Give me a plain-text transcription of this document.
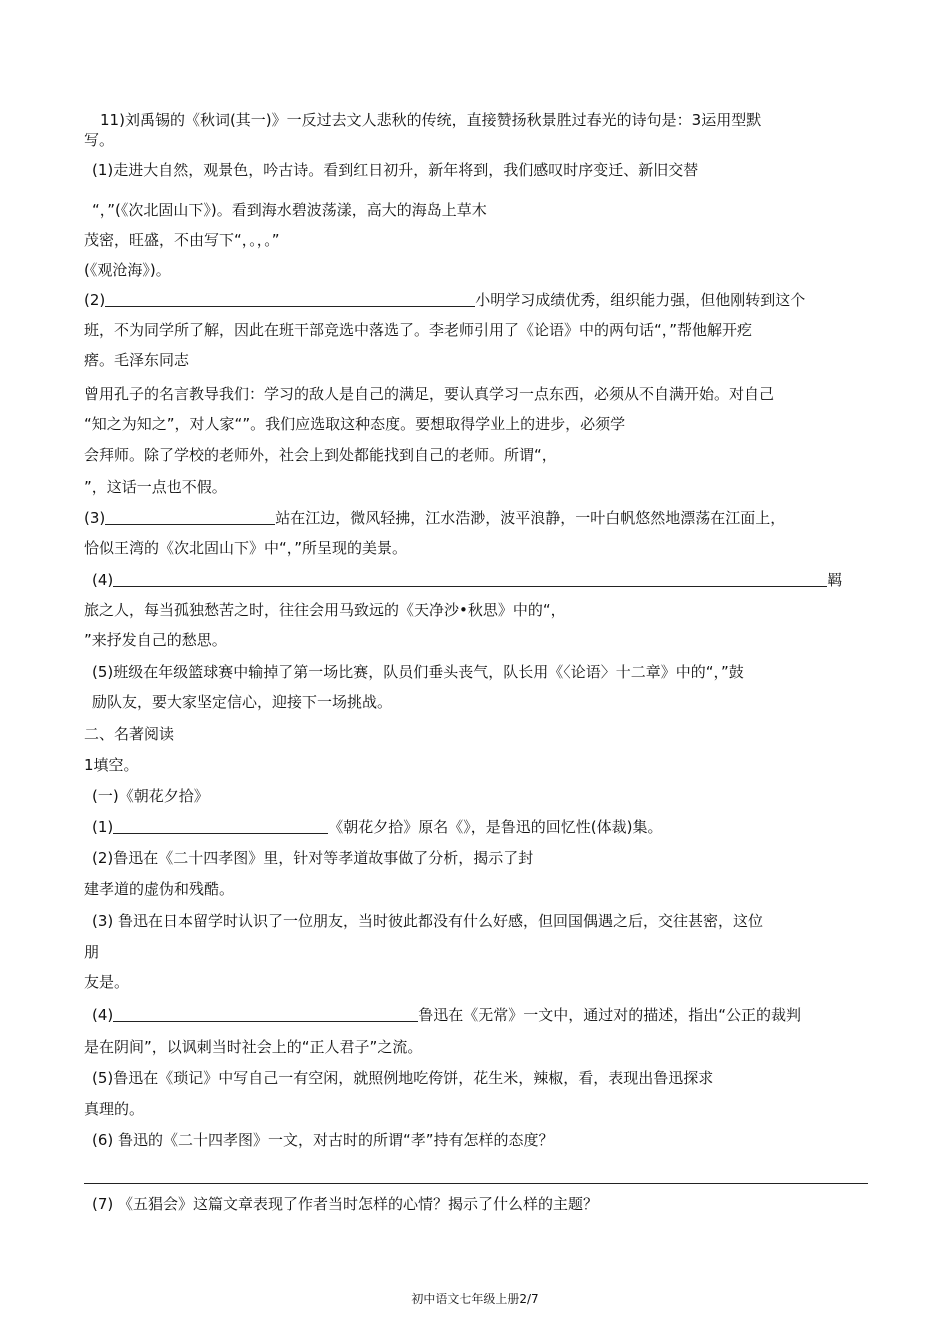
11)刘禹锡的《秋词(其一)》一反过去文人悲秋的传统，直接赞扬秋景胜过春光的诗句是：3运用型默
写。
(1)走进大自然，观景色，吟古诗。看到红日初升，新年将到，我们感叹时序变迁、新旧交替
“，”(《次北固山下》)。看到海水碧波荡漾，高大的海岛上草木
茂密，旺盛，不由写下“，。，。”
(《观沧海》)。
(2)	小明学习成绩优秀，组织能力强，但他刚转到这个
班，不为同学所了解，因此在班干部竞选中落选了。李老师引用了《论语》中的两句话“，”帮他解开疙
瘩。毛泽东同志
曾用孔子的名言教导我们：学习的敌人是自己的满足，要认真学习一点东西，必须从不自满开始。对自己
“知之为知之”，对人家“”。我们应选取这种态度。要想取得学业上的进步，必须学
会拜师。除了学校的老师外，社会上到处都能找到自己的老师。所谓“，
”，这话一点也不假。
(3)	站在江边，微风轻拂，江水浩渺，波平浪静，一叶白帆悠然地漂荡在江面上，
恰似王湾的《次北固山下》中“，”所呈现的美景。
(4)	羁
旅之人，每当孤独愁苦之时，往往会用马致远的《天净沙•秋思》中的“，
”来抒发自己的愁思。
(5)班级在年级篮球赛中输掉了第一场比赛，队员们垂头丧气，队长用《〈论语〉十二章》中的“，”鼓
励队友，要大家坚定信心，迎接下一场挑战。
二、名著阅读
1填空。
(一)《朝花夕拾》
(1)	《朝花夕拾》原名《》，是鲁迅的回忆性(体裁)集。
(2)鲁迅在《二十四孝图》里，针对等孝道故事做了分析，揭示了封
建孝道的虚伪和残酷。
(3) 鲁迅在日本留学时认识了一位朋友，当时彼此都没有什么好感，但回国偶遇之后，交往甚密，这位
朋
友是。
(4)	鲁迅在《无常》一文中，通过对的描述，指出“公正的裁判
是在阴间”，以讽刺当时社会上的“正人君子”之流。
(5)鲁迅在《琐记》中写自己一有空闲，就照例地吃侉饼，花生米，辣椒，看，表现出鲁迅探求
真理的。
(6) 鲁迅的《二十四孝图》一文，对古时的所谓“孝”持有怎样的态度？
(7) 《五猖会》这篇文章表现了作者当时怎样的心情？揭示了什么样的主题？
初中语文七年级上册2/7
